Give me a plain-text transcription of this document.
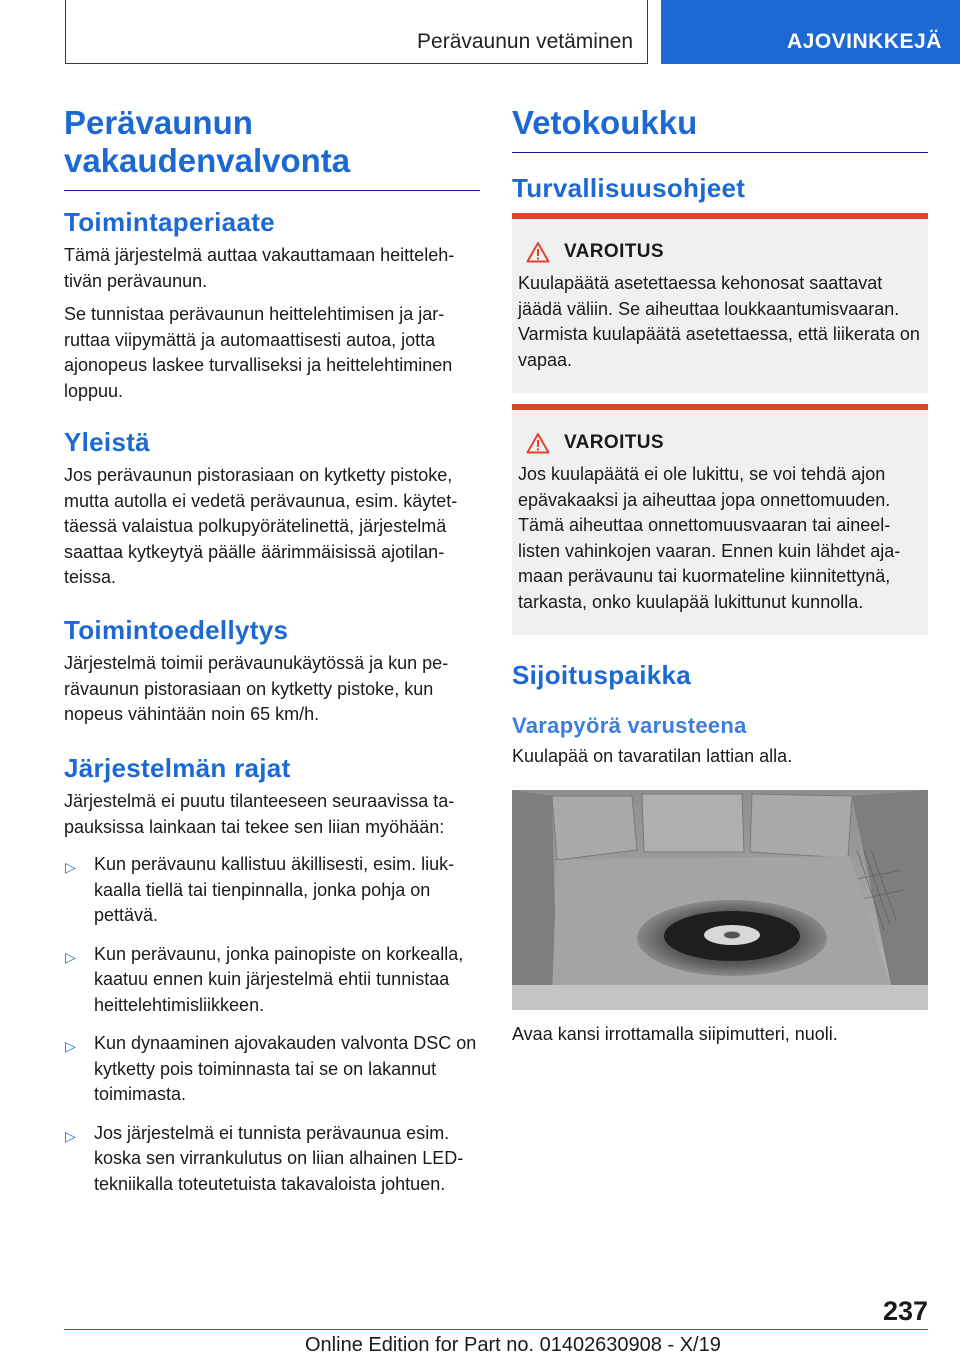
Perävaunun vetäminen	AJOVINKKEJÄ
Perävaunun
vakaudenvalvonta
Toimintaperiaate

Tämä järjestelmä auttaa vakauttamaan heittelehtivän perävaunun.

Se tunnistaa perävaunun heittelehtimisen ja jarruttaa viipymättä ja automaattisesti autoa, jotta ajonopeus laskee turvalliseksi ja heittelehtiminen loppuu.

Yleistä

Jos perävaunun pistorasiaan on kytketty pistoke, mutta autolla ei vedetä perävaunua, esim. käytettäessä valaistua polkupyörätelinettä, järjestelmä saattaa kytkeytyä päälle äärimmäisissä ajotilanteissa.

Toimintoedellytys

Järjestelmä toimii perävaunukäytössä ja kun perävaunun pistorasiaan on kytketty pistoke, kun nopeus vähintään noin 65 km/h.

Järjestelmän rajat

Järjestelmä ei puutu tilanteeseen seuraavissa tapauksissa lainkaan tai tekee sen liian myöhään:

▷ Kun perävaunu kallistuu äkillisesti, esim. liukkaalla tiellä tai tienpinnalla, jonka pohja on pettävä.
▷ Kun perävaunu, jonka painopiste on korkealla, kaatuu ennen kuin järjestelmä ehtii tunnistaa heittelehtimisliikkeen.
▷ Kun dynaaminen ajovakauden valvonta DSC on kytketty pois toiminnasta tai se on lakannut toimimasta.
▷ Jos järjestelmä ei tunnista perävaunua esim. koska sen virrankulutus on liian alhainen LED-tekniikalla toteutetuista takavaloista johtuen.
Vetokoukku
Turvallisuusohjeet
VAROITUS

Kuulapäätä asetettaessa kehonosat saattavat jäädä väliin. Se aiheuttaa loukkaantumisvaaran. Varmista kuulapäätä asetettaessa, että liikerata on vapaa.

VAROITUS

Jos kuulapäätä ei ole lukittu, se voi tehdä ajon epävakaaksi ja aiheuttaa jopa onnettomuuden. Tämä aiheuttaa onnettomuusvaaran tai aineellisten vahinkojen vaaran. Ennen kuin lähdet ajamaan perävaunu tai kuormateline kiinnitettynä, tarkasta, onko kuulapää lukittunut kunnolla.

Sijoituspaikka
Varapyörä varusteena

Kuulapää on tavaratilan lattian alla.

Avaa kansi irrottamalla siipimutteri, nuoli.

237
Online Edition for Part no. 01402630908 - X/19
